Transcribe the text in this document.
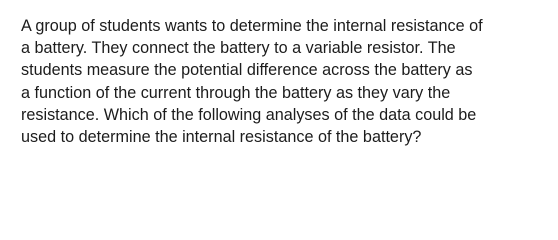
A group of students wants to determine the internal resistance of
a battery. They connect the battery to a variable resistor. The
students measure the potential difference across the battery as
a function of the current through the battery as they vary the
resistance. Which of the following analyses of the data could be
used to determine the internal resistance of the battery?
